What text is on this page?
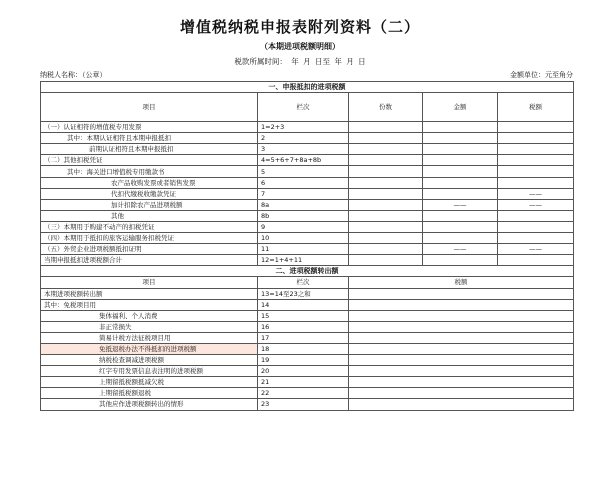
增值税纳税申报表附列资料（二）
（本期进项税额明细）
税款所属时间： 年 月 日至 年 月 日
纳税人名称：（公章）	金额单位：元至角分
一、申报抵扣的进项税额				
项目	栏次	份数	金额	税额
（一）认证相符的增值税专用发票	1=2+3			
其中：本期认证相符且本期申报抵扣	2			
前期认证相符且本期申报抵扣	3			
（二）其他扣税凭证	4=5+6+7+8a+8b			
其中：海关进口增值税专用缴款书	5			
农产品收购发票或者销售发票	6			
代扣代缴税收缴款凭证	7			——
加计扣除农产品进项税额	8a		——	——
其他	8b			
（三）本期用于购建不动产的扣税凭证	9			
（四）本期用于抵扣的旅客运输服务扣税凭证	10			
（五）外贸企业进项税额抵扣证明	11		——	——
当期申报抵扣进项税额合计	12=1+4+11			
二、进项税额转出额				
项目	栏次	税额		
本期进项税额转出额	13=14至23之和			
其中：免税项目用	14			
集体福利、个人消费	15			
非正常损失	16			
简易计税方法征税项目用	17			
免抵退税办法不得抵扣的进项税额	18			
纳税检查调减进项税额	19			
红字专用发票信息表注明的进项税额	20			
上期留抵税额抵减欠税	21			
上期留抵税额退税	22			
其他应作进项税额转出的情形	23			
